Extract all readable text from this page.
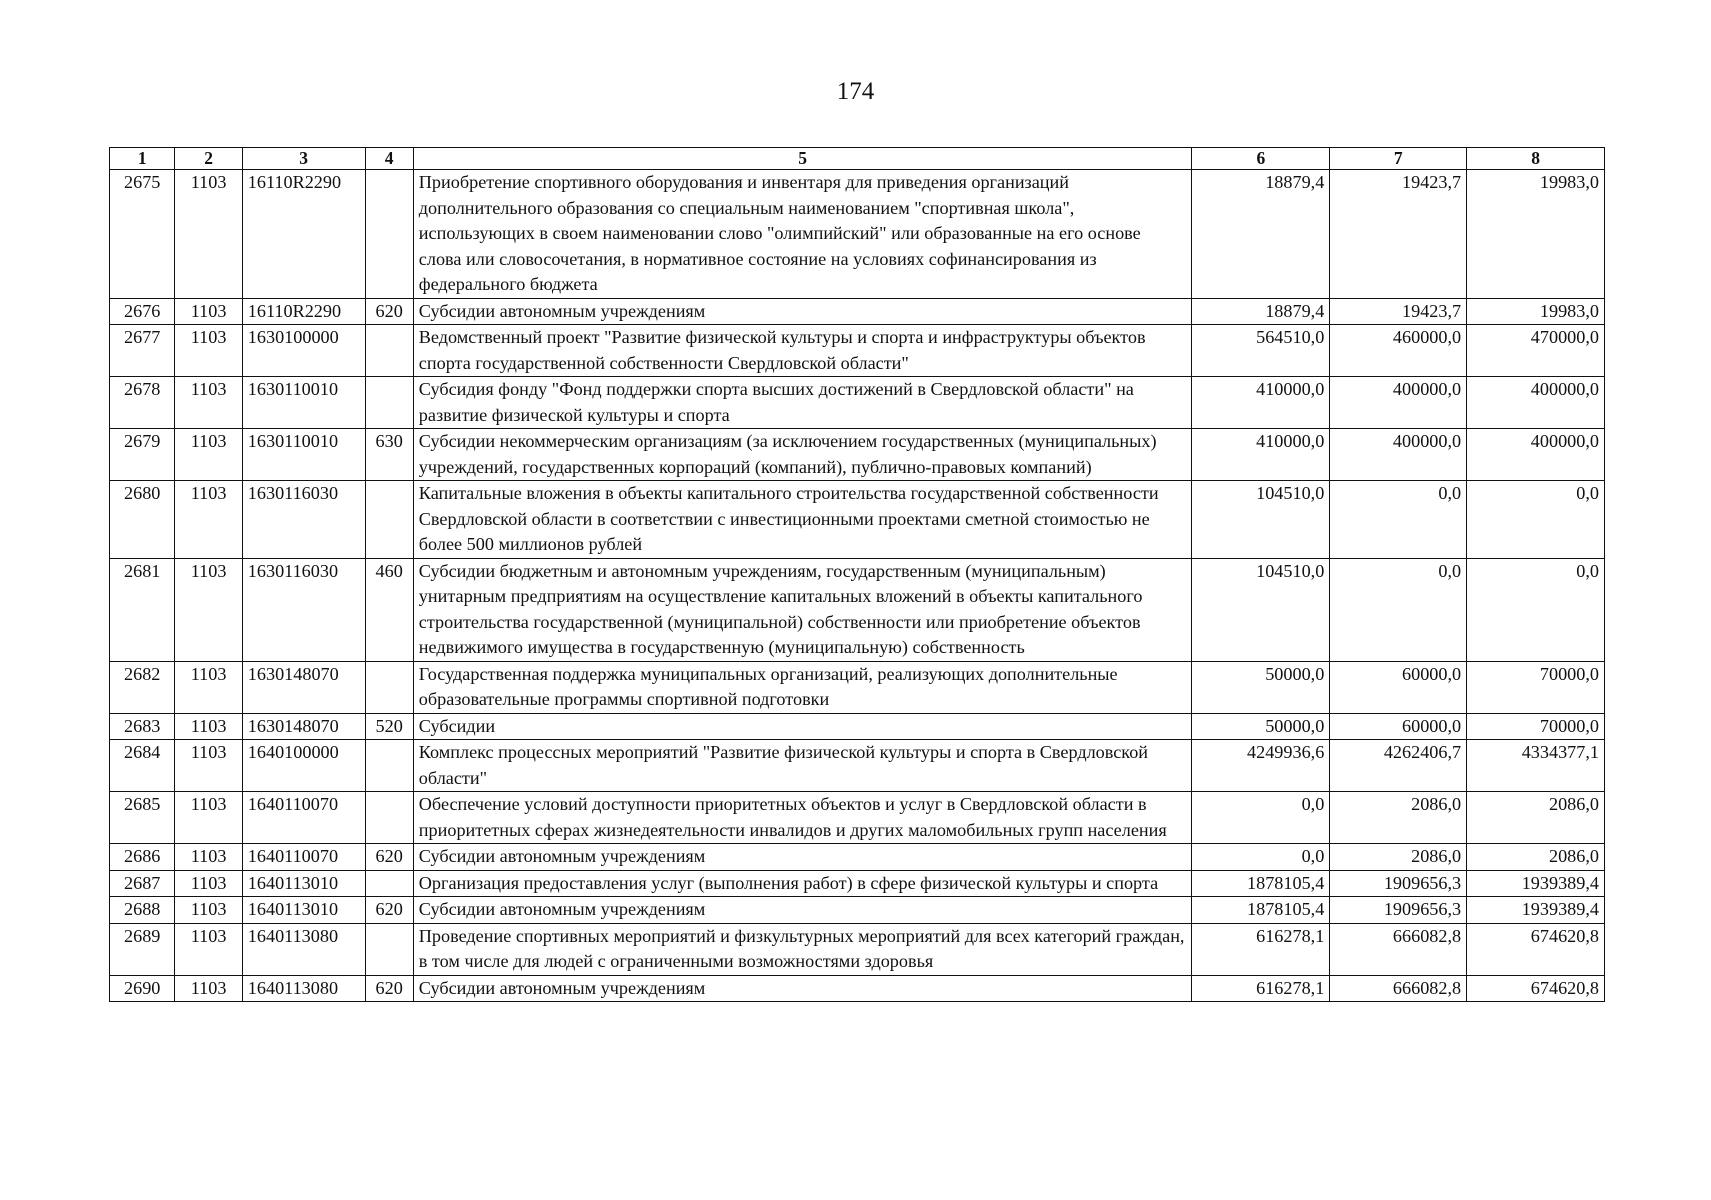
174
1	2	3	4	5	6	7	8
2675	1103	16110R2290		Приобретение спортивного оборудования и инвентаря для приведения организаций дополнительного образования со специальным наименованием "спортивная школа", использующих в своем наименовании слово "олимпийский" или образованные на его основе слова или словосочетания, в нормативное состояние на условиях софинансирования из федерального бюджета	18879,4	19423,7	19983,0
2676	1103	16110R2290	620	Субсидии автономным учреждениям	18879,4	19423,7	19983,0
2677	1103	1630100000		Ведомственный проект "Развитие физической культуры и спорта и инфраструктуры объектов спорта государственной собственности Свердловской области"	564510,0	460000,0	470000,0
2678	1103	1630110010		Субсидия фонду "Фонд поддержки спорта высших достижений в Свердловской области" на развитие физической культуры и спорта	410000,0	400000,0	400000,0
2679	1103	1630110010	630	Субсидии некоммерческим организациям (за исключением государственных (муниципальных) учреждений, государственных корпораций (компаний), публично-правовых компаний)	410000,0	400000,0	400000,0
2680	1103	1630116030		Капитальные вложения в объекты капитального строительства государственной собственности Свердловской области в соответствии с инвестиционными проектами сметной стоимостью не более 500 миллионов рублей	104510,0	0,0	0,0
2681	1103	1630116030	460	Субсидии бюджетным и автономным учреждениям, государственным (муниципальным) унитарным предприятиям на осуществление капитальных вложений в объекты капитального строительства государственной (муниципальной) собственности или приобретение объектов недвижимого имущества в государственную (муниципальную) собственность	104510,0	0,0	0,0
2682	1103	1630148070		Государственная поддержка муниципальных организаций, реализующих дополнительные образовательные программы спортивной подготовки	50000,0	60000,0	70000,0
2683	1103	1630148070	520	Субсидии	50000,0	60000,0	70000,0
2684	1103	1640100000		Комплекс процессных мероприятий "Развитие физической культуры и спорта в Свердловской области"	4249936,6	4262406,7	4334377,1
2685	1103	1640110070		Обеспечение условий доступности приоритетных объектов и услуг в Свердловской области в приоритетных сферах жизнедеятельности инвалидов и других маломобильных групп населения	0,0	2086,0	2086,0
2686	1103	1640110070	620	Субсидии автономным учреждениям	0,0	2086,0	2086,0
2687	1103	1640113010		Организация предоставления услуг (выполнения работ) в сфере физической культуры и спорта	1878105,4	1909656,3	1939389,4
2688	1103	1640113010	620	Субсидии автономным учреждениям	1878105,4	1909656,3	1939389,4
2689	1103	1640113080		Проведение спортивных мероприятий и физкультурных мероприятий для всех категорий граждан, в том числе для людей с ограниченными возможностями здоровья	616278,1	666082,8	674620,8
2690	1103	1640113080	620	Субсидии автономным учреждениям	616278,1	666082,8	674620,8
